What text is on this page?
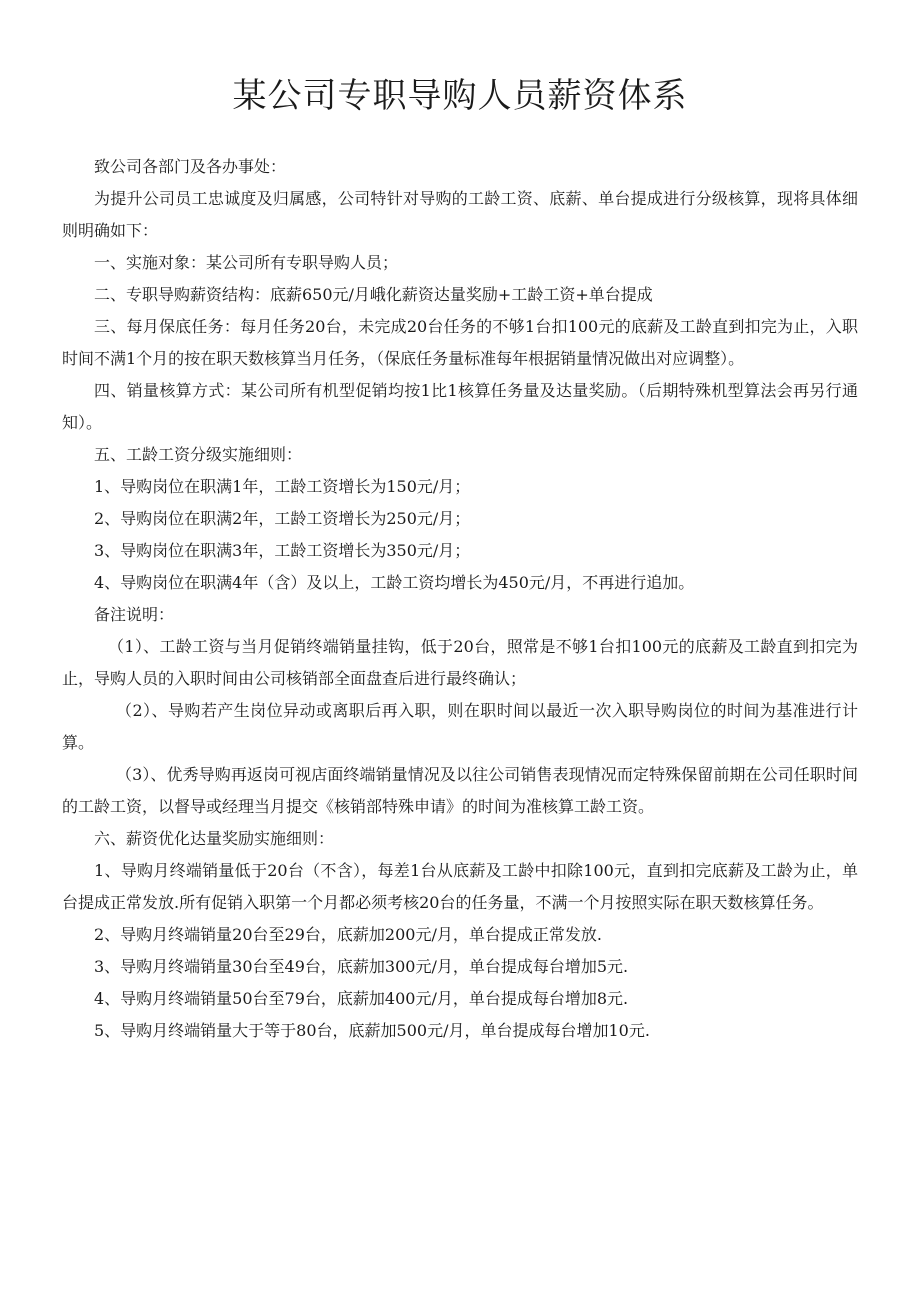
某公司专职导购人员薪资体系

致公司各部门及各办事处：

为提升公司员工忠诚度及归属感，公司特针对导购的工龄工资、底薪、单台提成进行分级核算，现将具体细则明确如下：

一、实施对象：某公司所有专职导购人员；

二、专职导购薪资结构：底薪650元/月峨化薪资达量奖励+工龄工资+单台提成

三、每月保底任务：每月任务20台，未完成20台任务的不够1台扣100元的底薪及工龄直到扣完为止，入职时间不满1个月的按在职天数核算当月任务，（保底任务量标准每年根据销量情况做出对应调整）。

四、销量核算方式：某公司所有机型促销均按1比1核算任务量及达量奖励。（后期特殊机型算法会再另行通知）。

五、工龄工资分级实施细则：

1、导购岗位在职满1年，工龄工资增长为150元/月；

2、导购岗位在职满2年，工龄工资增长为250元/月；

3、导购岗位在职满3年，工龄工资增长为350元/月；

4、导购岗位在职满4年（含）及以上，工龄工资均增长为450元/月，不再进行追加。

备注说明：

（1）、工龄工资与当月促销终端销量挂钩，低于20台，照常是不够1台扣100元的底薪及工龄直到扣完为止，导购人员的入职时间由公司核销部全面盘查后进行最终确认；

（2）、导购若产生岗位异动或离职后再入职，则在职时间以最近一次入职导购岗位的时间为基准进行计算。

（3）、优秀导购再返岗可视店面终端销量情况及以往公司销售表现情况而定特殊保留前期在公司任职时间的工龄工资，以督导或经理当月提交《核销部特殊申请》的时间为准核算工龄工资。

六、薪资优化达量奖励实施细则：

1、导购月终端销量低于20台（不含），每差1台从底薪及工龄中扣除100元，直到扣完底薪及工龄为止，单台提成正常发放.所有促销入职第一个月都必须考核20台的任务量，不满一个月按照实际在职天数核算任务。

2、导购月终端销量20台至29台，底薪加200元/月，单台提成正常发放.

3、导购月终端销量30台至49台，底薪加300元/月，单台提成每台增加5元.

4、导购月终端销量50台至79台，底薪加400元/月，单台提成每台增加8元.

5、导购月终端销量大于等于80台，底薪加500元/月，单台提成每台增加10元.
